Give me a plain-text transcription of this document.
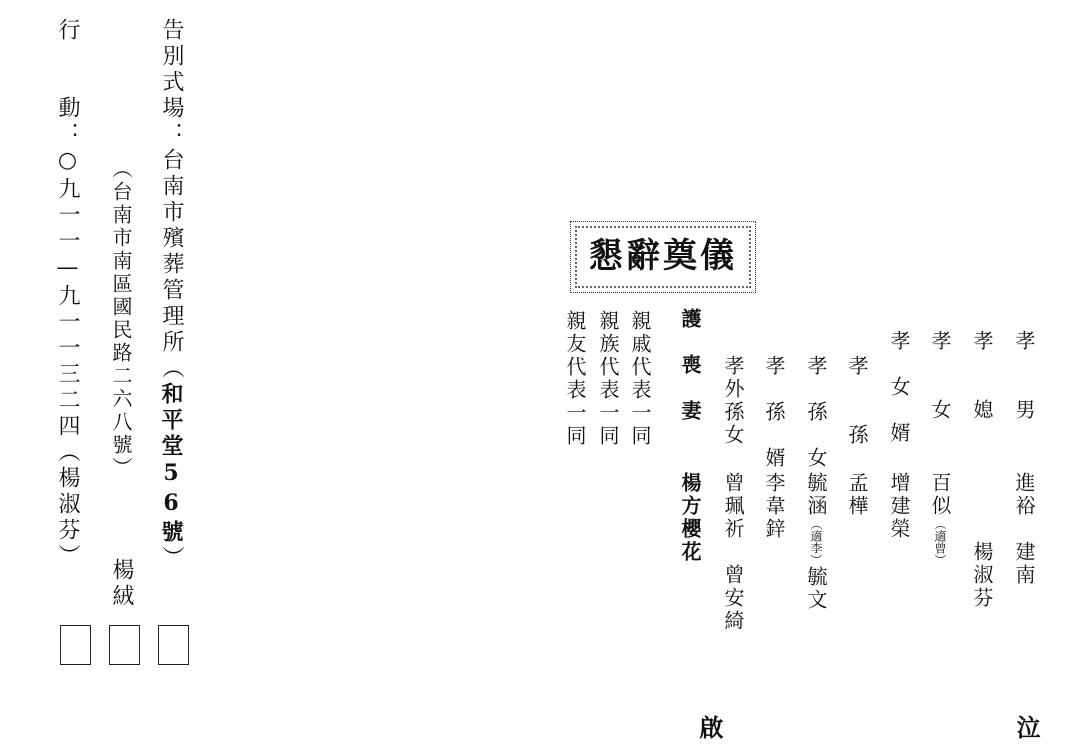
懇辭奠儀
泣
孝　　男
進裕　建南
孝　　媳
　　　楊淑芬
孝　　女
百似（適曾）
孝　女　婿
增建榮
孝　　孫
孟樺
孝　孫　女
毓涵（適李）毓文
孝　孫　婿
李韋鋅
孝外孫女
曾珮祈　曾安綺
護　喪　妻
楊方櫻花
啟
親戚代表一同
親族代表一同
親友代表一同
告別式場：台南市殯葬管理所（和平堂56號）
（台南市南區國民路二六八號）
楊絨
行　　動：○九一一—九一一三二四（楊淑芬）
